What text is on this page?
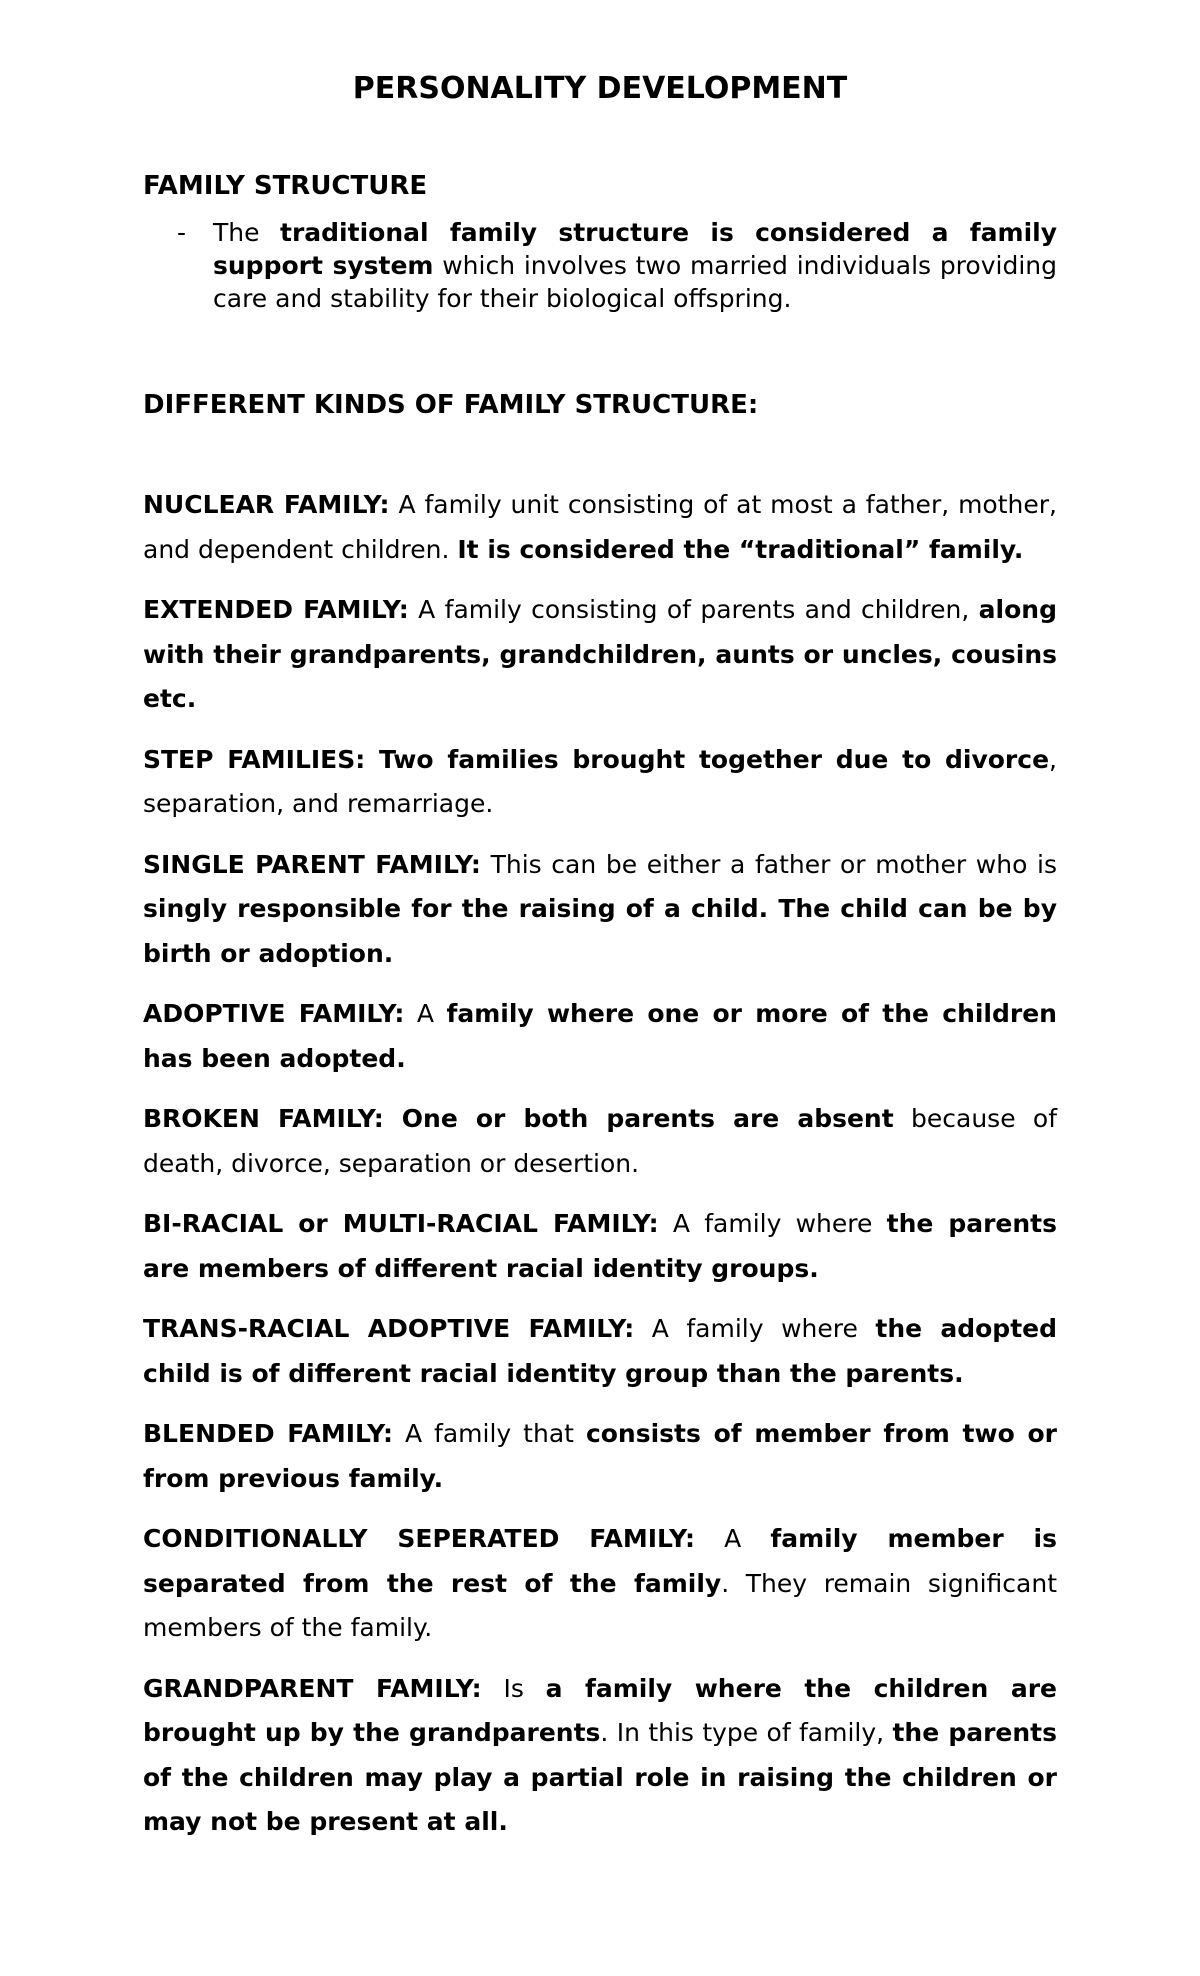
PERSONALITY DEVELOPMENT
FAMILY STRUCTURE

- The traditional family structure is considered a family support system which involves two married individuals providing care and stability for their biological offspring.

DIFFERENT KINDS OF FAMILY STRUCTURE:

NUCLEAR FAMILY: A family unit consisting of at most a father, mother, and dependent children. It is considered the “traditional” family.

EXTENDED FAMILY: A family consisting of parents and children, along with their grandparents, grandchildren, aunts or uncles, cousins etc.

STEP FAMILIES: Two families brought together due to divorce, separation, and remarriage.

SINGLE PARENT FAMILY: This can be either a father or mother who is singly responsible for the raising of a child. The child can be by birth or adoption.

ADOPTIVE FAMILY: A family where one or more of the children has been adopted.

BROKEN FAMILY: One or both parents are absent because of death, divorce, separation or desertion.

BI-RACIAL or MULTI-RACIAL FAMILY: A family where the parents are members of different racial identity groups.

TRANS-RACIAL ADOPTIVE FAMILY: A family where the adopted child is of different racial identity group than the parents.

BLENDED FAMILY: A family that consists of member from two or from previous family.

CONDITIONALLY SEPERATED FAMILY: A family member is separated from the rest of the family. They remain significant members of the family.

GRANDPARENT FAMILY: Is a family where the children are brought up by the grandparents. In this type of family, the parents of the children may play a partial role in raising the children or may not be present at all.
